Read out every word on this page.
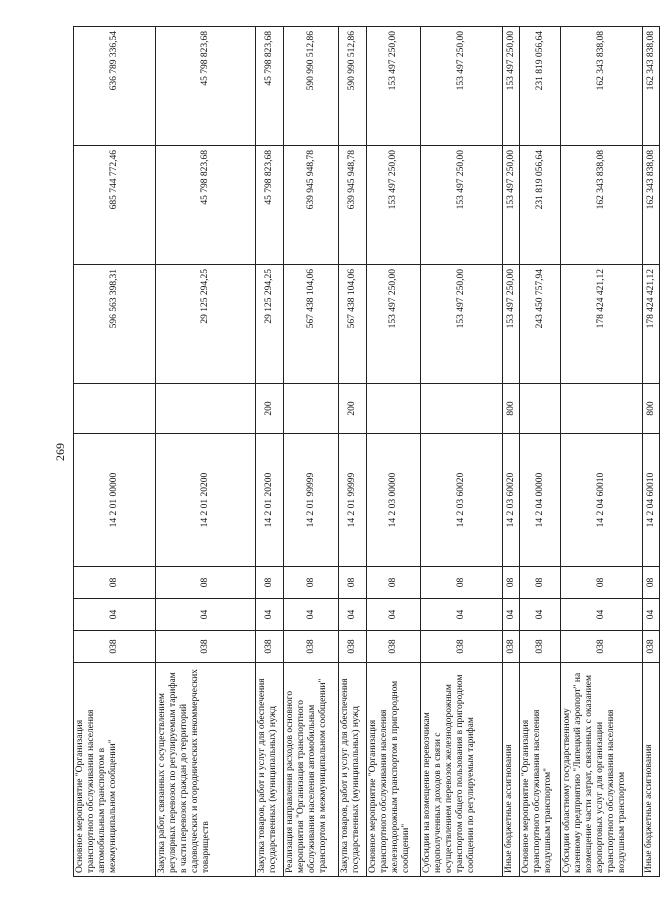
269
Основное мероприятие "Организация транспортного обслуживания населения автомобильным транспортом в межмуниципальном сообщении"	038	04	08	14 2 01 00000		596 563 398,31	685 744 772,46	636 789 336,54
Закупка работ, связанных с осуществлением регулярных перевозок по регулируемым тарифам в части перевозок граждан до территорий садоводческих и огороднических некоммерческих товариществ	038	04	08	14 2 01 20200		29 125 294,25	45 798 823,68	45 798 823,68
Закупка товаров, работ и услуг для обеспечения государственных (муниципальных) нужд	038	04	08	14 2 01 20200	200	29 125 294,25	45 798 823,68	45 798 823,68
Реализация направления расходов основного мероприятия "Организация транспортного обслуживания населения автомобильным транспортом в межмуниципальном сообщении"	038	04	08	14 2 01 99999		567 438 104,06	639 945 948,78	590 990 512,86
Закупка товаров, работ и услуг для обеспечения государственных (муниципальных) нужд	038	04	08	14 2 01 99999	200	567 438 104,06	639 945 948,78	590 990 512,86
Основное мероприятие "Организация транспортного обслуживания населения железнодорожным транспортом в пригородном сообщении"	038	04	08	14 2 03 00000		153 497 250,00	153 497 250,00	153 497 250,00
Субсидии на возмещение перевозчикам недополученных доходов в связи с осуществлением перевозок железнодорожным транспортом общего пользования в пригородном сообщении по регулируемым тарифам	038	04	08	14 2 03 60020		153 497 250,00	153 497 250,00	153 497 250,00
Иные бюджетные ассигнования	038	04	08	14 2 03 60020	800	153 497 250,00	153 497 250,00	153 497 250,00
Основное мероприятие "Организация транспортного обслуживания населения воздушным транспортом"	038	04	08	14 2 04 00000		243 450 757,94	231 819 056,64	231 819 056,64
Субсидии областному государственному казенному предприятию "Липецкий аэропорт" на возмещение части затрат, связанных с оказанием аэропортовых услуг для организации транспортного обслуживания населения воздушным транспортом	038	04	08	14 2 04 60010		178 424 421,12	162 343 838,08	162 343 838,08
Иные бюджетные ассигнования	038	04	08	14 2 04 60010	800	178 424 421,12	162 343 838,08	162 343 838,08
